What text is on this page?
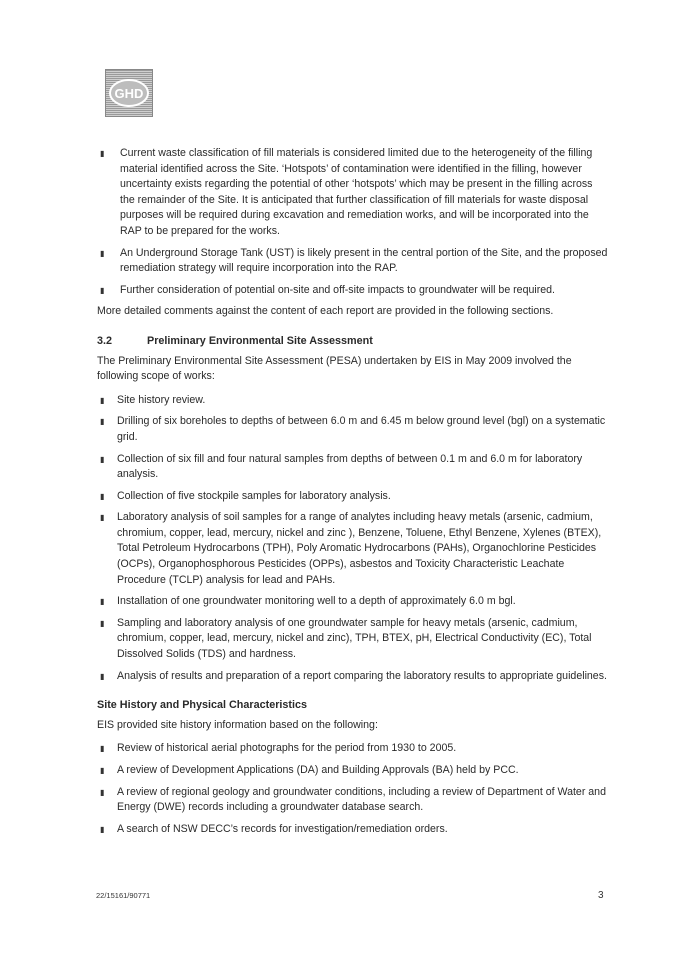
GHD
▮ Current waste classification of fill materials is considered limited due to the heterogeneity of the filling material identified across the Site. ‘Hotspots’ of contamination were identified in the filling, however uncertainty exists regarding the potential of other ‘hotspots’ which may be present in the filling across the remainder of the Site. It is anticipated that further classification of fill materials for waste disposal purposes will be required during excavation and remediation works, and will be incorporated into the RAP to be prepared for the works.
▮ An Underground Storage Tank (UST) is likely present in the central portion of the Site, and the proposed remediation strategy will require incorporation into the RAP.
▮ Further consideration of potential on-site and off-site impacts to groundwater will be required.

More detailed comments against the content of each report are provided in the following sections.

3.2	Preliminary Environmental Site Assessment

The Preliminary Environmental Site Assessment (PESA) undertaken by EIS in May 2009 involved the following scope of works:

▮ Site history review.
▮ Drilling of six boreholes to depths of between 6.0 m and 6.45 m below ground level (bgl) on a systematic grid.
▮ Collection of six fill and four natural samples from depths of between 0.1 m and 6.0 m for laboratory analysis.
▮ Collection of five stockpile samples for laboratory analysis.
▮ Laboratory analysis of soil samples for a range of analytes including heavy metals (arsenic, cadmium, chromium, copper, lead, mercury, nickel and zinc ), Benzene, Toluene, Ethyl Benzene, Xylenes (BTEX), Total Petroleum Hydrocarbons (TPH), Poly Aromatic Hydrocarbons (PAHs), Organochlorine Pesticides (OCPs), Organophosphorous Pesticides (OPPs), asbestos and Toxicity Characteristic Leachate Procedure (TCLP) analysis for lead and PAHs.
▮ Installation of one groundwater monitoring well to a depth of approximately 6.0 m bgl.
▮ Sampling and laboratory analysis of one groundwater sample for heavy metals (arsenic, cadmium, chromium, copper, lead, mercury, nickel and zinc), TPH, BTEX, pH, Electrical Conductivity (EC), Total Dissolved Solids (TDS) and hardness.
▮ Analysis of results and preparation of a report comparing the laboratory results to appropriate guidelines.
Site History and Physical Characteristics

EIS provided site history information based on the following:

▮ Review of historical aerial photographs for the period from 1930 to 2005.
▮ A review of Development Applications (DA) and Building Approvals (BA) held by PCC.
▮ A review of regional geology and groundwater conditions, including a review of Department of Water and Energy (DWE) records including a groundwater database search.
▮ A search of NSW DECC’s records for investigation/remediation orders.
22/15161/90771	3
